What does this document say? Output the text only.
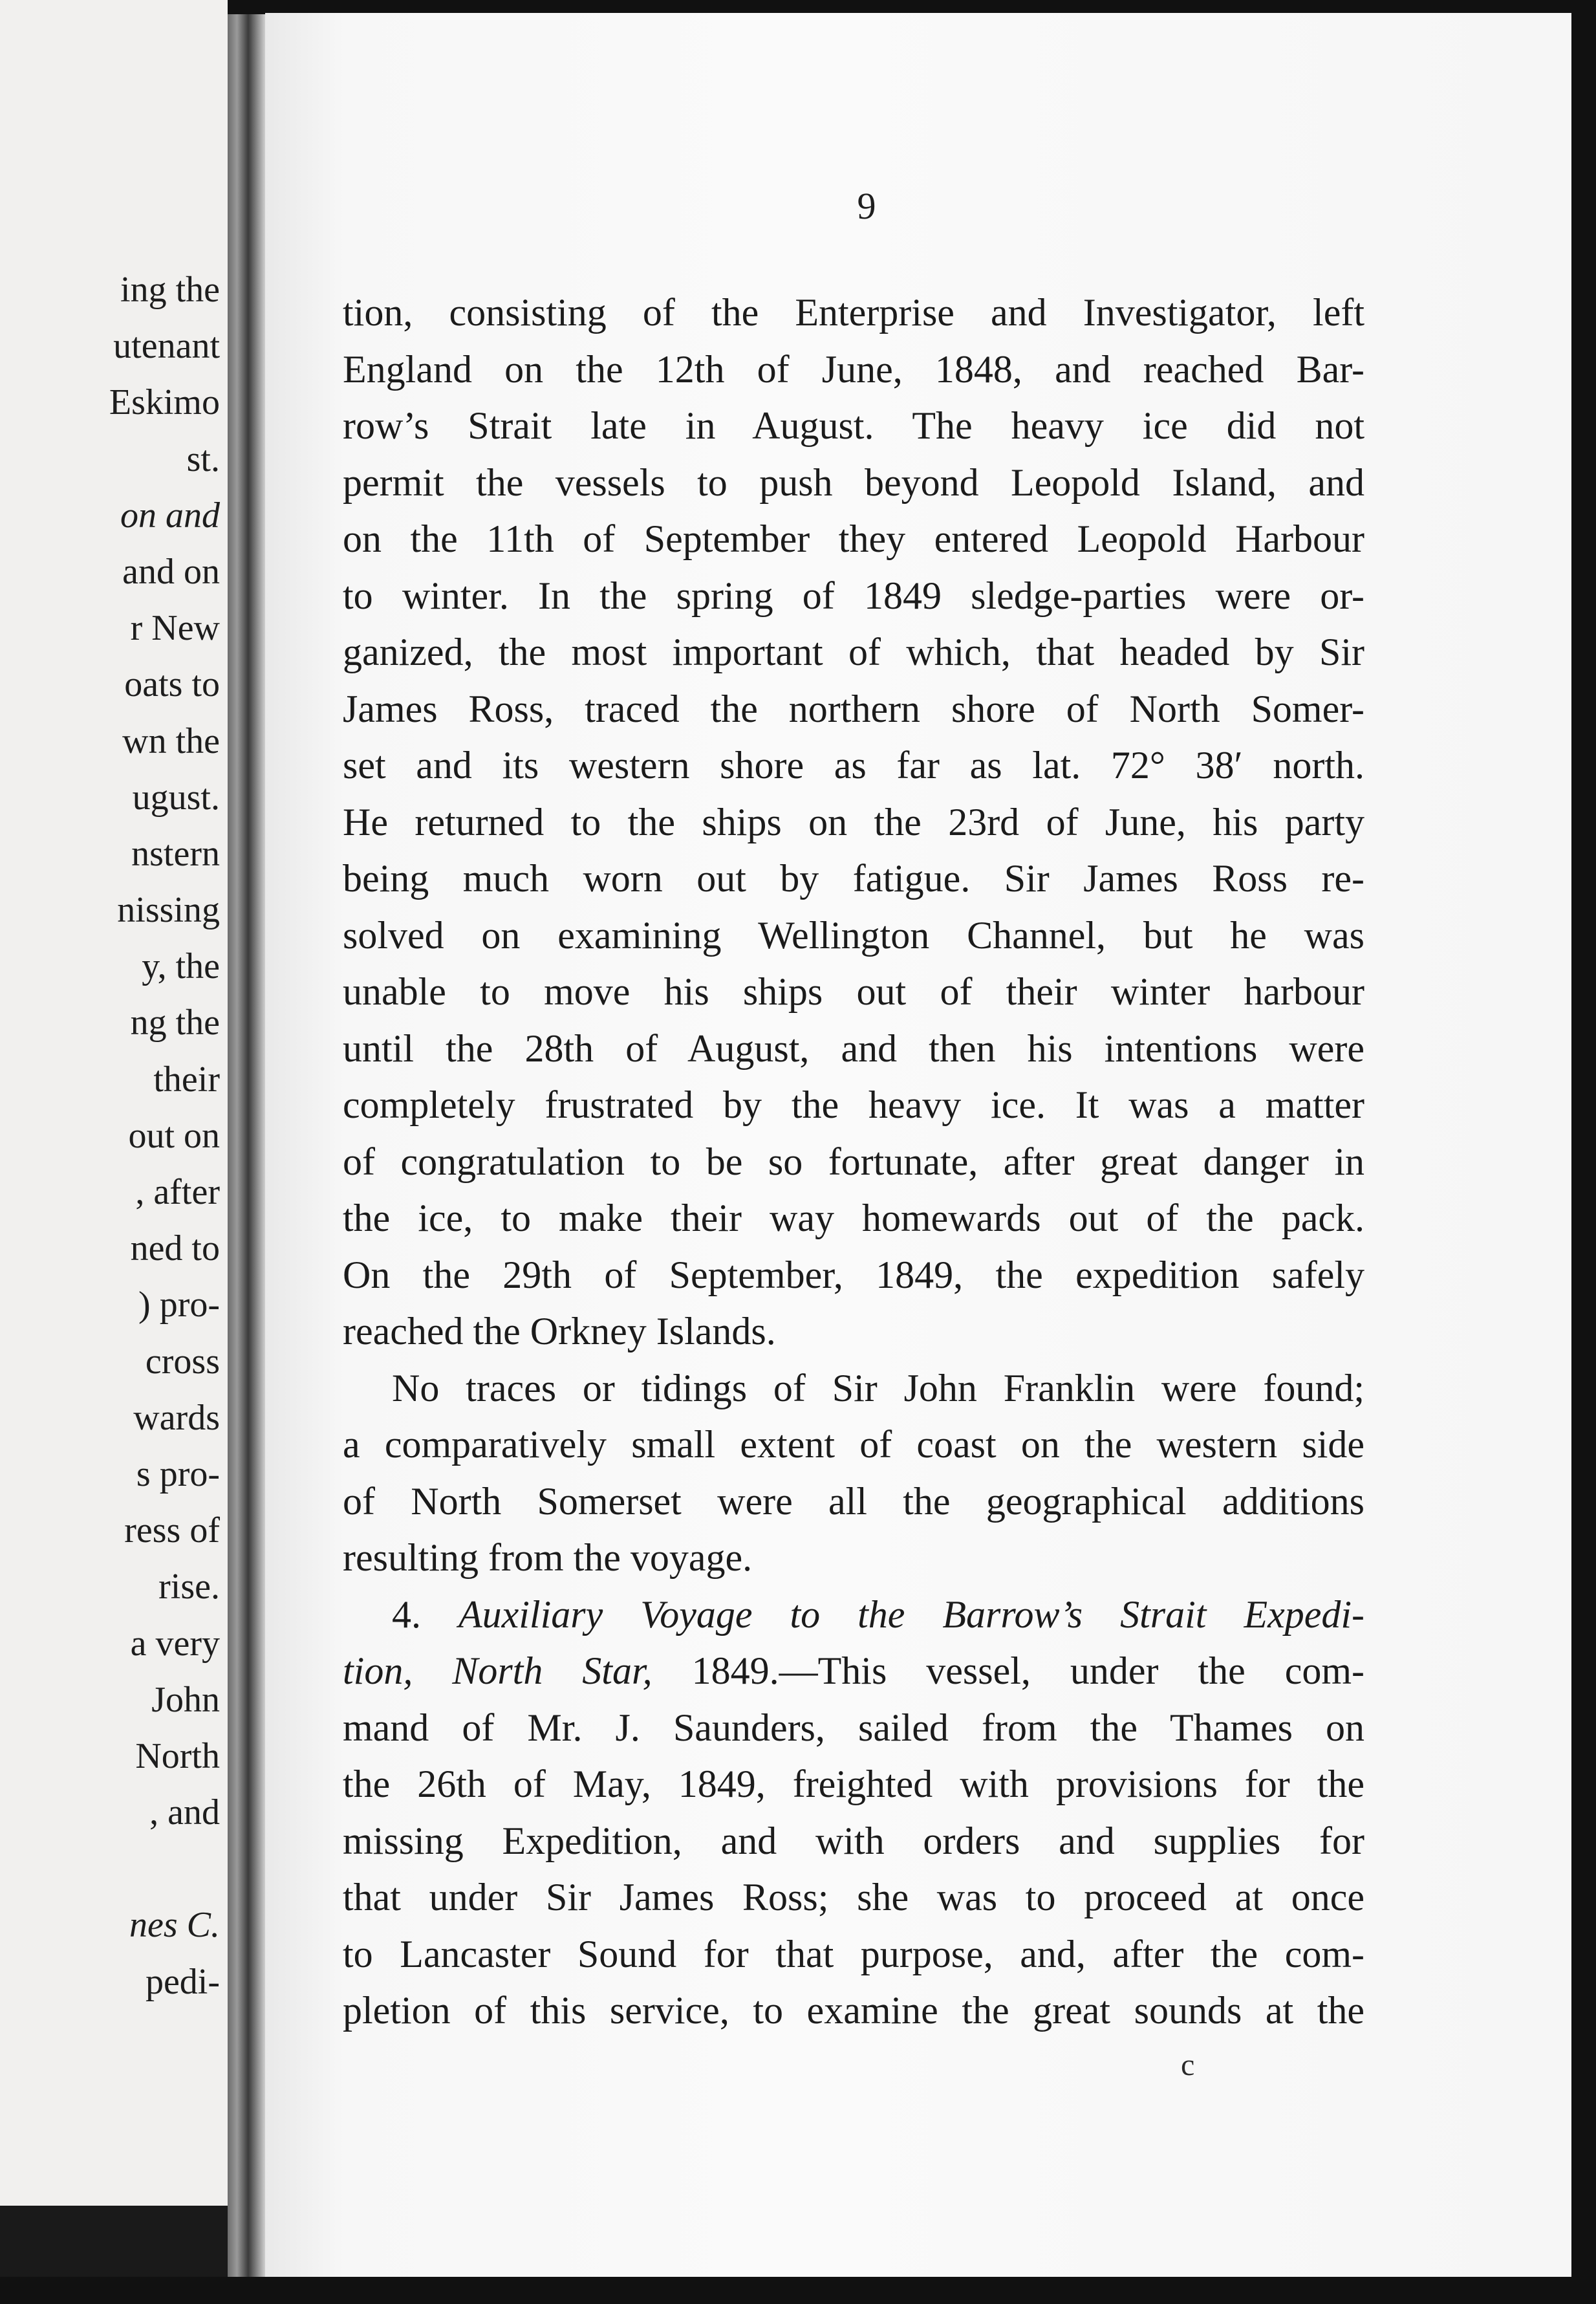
ing the
utenant
Eskimo
st.
on and
and on
r New
oats to
wn the
ugust.
nstern
nissing
y, the
ng the
their
out on
, after
ned to
) pro-
cross
wards
s pro-
ress of
rise.
a very
John
North
, and
nes C.
pedi-
9
tion, consisting of the Enterprise and Investigator, left
England on the 12th of June, 1848, and reached Bar-
row’s Strait late in August. The heavy ice did not
permit the vessels to push beyond Leopold Island, and
on the 11th of September they entered Leopold Harbour
to winter. In the spring of 1849 sledge-parties were or-
ganized, the most important of which, that headed by Sir
James Ross, traced the northern shore of North Somer-
set and its western shore as far as lat. 72° 38′ north.
He returned to the ships on the 23rd of June, his party
being much worn out by fatigue. Sir James Ross re-
solved on examining Wellington Channel, but he was
unable to move his ships out of their winter harbour
until the 28th of August, and then his intentions were
completely frustrated by the heavy ice. It was a matter
of congratulation to be so fortunate, after great danger in
the ice, to make their way homewards out of the pack.
On the 29th of September, 1849, the expedition safely
reached the Orkney Islands.
No traces or tidings of Sir John Franklin were found;
a comparatively small extent of coast on the western side
of North Somerset were all the geographical additions
resulting from the voyage.
4. Auxiliary Voyage to the Barrow’s Strait Expedi-
tion, North Star, 1849.—This vessel, under the com-
mand of Mr. J. Saunders, sailed from the Thames on
the 26th of May, 1849, freighted with provisions for the
missing Expedition, and with orders and supplies for
that under Sir James Ross; she was to proceed at once
to Lancaster Sound for that purpose, and, after the com-
pletion of this service, to examine the great sounds at the
c
